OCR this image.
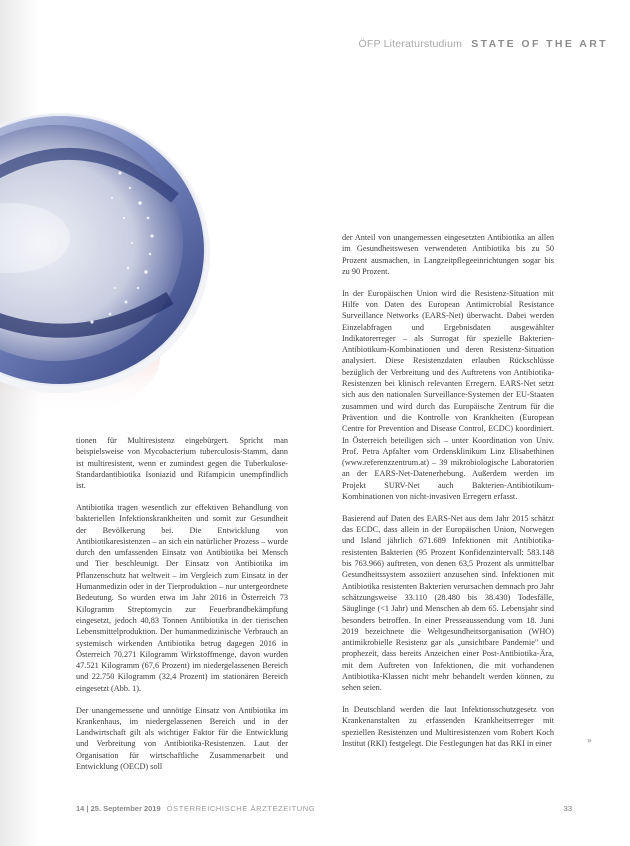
ÖFP Literaturstudium STATE OF THE ART

tionen für Multiresistenz eingebürgert. Spricht man beispielsweise von Mycobacterium tuberculosis-Stamm, dann ist multiresistent, wenn er zumindest gegen die Tuberkulose-Standardantibiotika Isoniazid und Rifampicin unempfindlich ist.

Antibiotika tragen wesentlich zur effektiven Behandlung von bakteriellen Infektionskrankheiten und somit zur Gesundheit der Bevölkerung bei. Die Entwicklung von Antibiotikaresistenzen – an sich ein natürlicher Prozess – wurde durch den umfassenden Einsatz von Antibiotika bei Mensch und Tier beschleunigt. Der Einsatz von Antibiotika im Pflanzenschutz hat weltweit – im Vergleich zum Einsatz in der Humanmedizin oder in der Tierproduktion – nur untergeordnete Bedeutung. So wurden etwa im Jahr 2016 in Österreich 73 Kilogramm Streptomycin zur Feuerbrandbekämpfung eingesetzt, jedoch 40,83 Tonnen Antibiotika in der tierischen Lebensmittelproduktion. Der humanmedizinische Verbrauch an systemisch wirkenden Antibiotika betrug dagegen 2016 in Österreich 70.271 Kilogramm Wirkstoffmenge, davon wurden 47.521 Kilogramm (67,6 Prozent) im niedergelassenen Bereich und 22.750 Kilogramm (32,4 Prozent) im stationären Bereich eingesetzt (Abb. 1).

Der unangemessene und unnötige Einsatz von Antibiotika im Krankenhaus, im niedergelassenen Bereich und in der Landwirtschaft gilt als wichtiger Faktor für die Entwicklung und Verbreitung von Antibiotika-Resistenzen. Laut der Organisation für wirtschaftliche Zusammenarbeit und Entwicklung (OECD) soll

der Anteil von unangemessen eingesetzten Antibiotika an allen im Gesundheitswesen verwendeten Antibiotika bis zu 50 Prozent ausmachen, in Langzeitpflegeeinrichtungen sogar bis zu 90 Prozent.

In der Europäischen Union wird die Resistenz-Situation mit Hilfe von Daten des European Antimicrobial Resistance Surveillance Networks (EARS-Net) überwacht. Dabei werden Einzelabfragen und Ergebnisdaten ausgewählter Indikatorerreger – als Surrogat für spezielle Bakterien-Antibiotikum-Kombinationen und deren Resistenz-Situation analysiert. Diese Resistenzdaten erlauben Rückschlüsse bezüglich der Verbreitung und des Auftretens von Antibiotika-Resistenzen bei klinisch relevanten Erregern. EARS-Net setzt sich aus den nationalen Surveillance-Systemen der EU-Staaten zusammen und wird durch das Europäische Zentrum für die Prävention und die Kontrolle von Krankheiten (European Centre for Prevention and Disease Control, ECDC) koordiniert. In Österreich beteiligen sich – unter Koordination von Univ. Prof. Petra Apfalter vom Ordensklinikum Linz Elisabethinen (www.referenzzentrum.at) – 39 mikrobiologische Laboratorien an der EARS-Net-Datenerhebung. Außerdem werden im Projekt SURV-Net auch Bakterien-Antibiotikum-Kombinationen von nicht-invasiven Erregern erfasst.

Basierend auf Daten des EARS-Net aus dem Jahr 2015 schätzt das ECDC, dass allein in der Europäischen Union, Norwegen und Island jährlich 671.689 Infektionen mit Antibiotika-resistenten Bakterien (95 Prozent Konfidenzintervall: 583.148 bis 763.966) auftreten, von denen 63,5 Prozent als unmittelbar Gesundheitssystem assoziiert anzusehen sind. Infektionen mit Antibiotika resistenten Bakterien verursachen demnach pro Jahr schätzungsweise 33.110 (28.480 bis 38.430) Todesfälle, Säuglinge (<1 Jahr) und Menschen ab dem 65. Lebensjahr sind besonders betroffen. In einer Presseaussendung vom 18. Juni 2019 bezeichnete die Weltgesundheitsorganisation (WHO) antimikrobielle Resistenz gar als „unsichtbare Pandemie" und prophezeit, dass bereits Anzeichen einer Post-Antibiotika-Ära, mit dem Auftreten von Infektionen, die mit vorhandenen Antibiotika-Klassen nicht mehr behandelt werden können, zu sehen seien.

In Deutschland werden die laut Infektionsschutzgesetz von Krankenanstalten zu erfassenden Krankheitserreger mit speziellen Resistenzen und Multiresistenzen vom Robert Koch Institut (RKI) festgelegt. Die Festlegungen hat das RKI in einer	»
14 | 25. September 2019 ÖSTERREICHISCHE ÄRZTEZEITUNG	33
